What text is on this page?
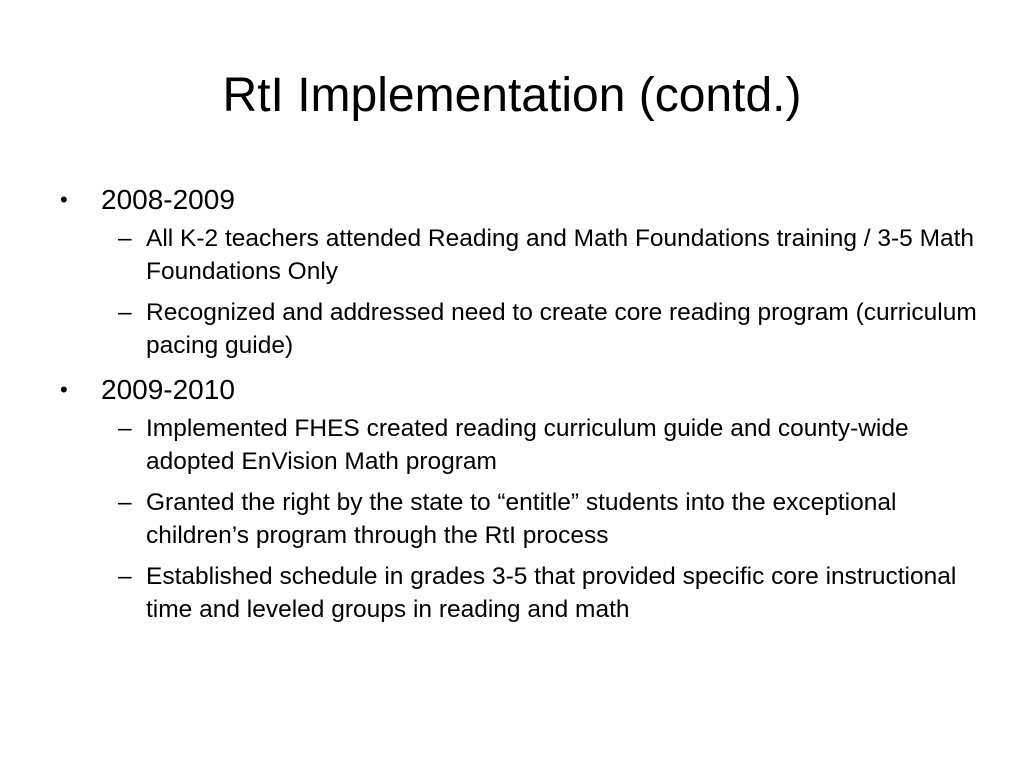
RtI Implementation (contd.)
•	2008-2009
– All K-2 teachers attended Reading and Math Foundations training / 3-5 Math Foundations Only
– Recognized and addressed need to create core reading program (curriculum pacing guide)
•	2009-2010
– Implemented FHES created reading curriculum guide and county-wide adopted EnVision Math program
– Granted the right by the state to “entitle” students into the exceptional children’s program through the RtI process
– Established schedule in grades 3-5 that provided specific core instructional time and leveled groups in reading and math
